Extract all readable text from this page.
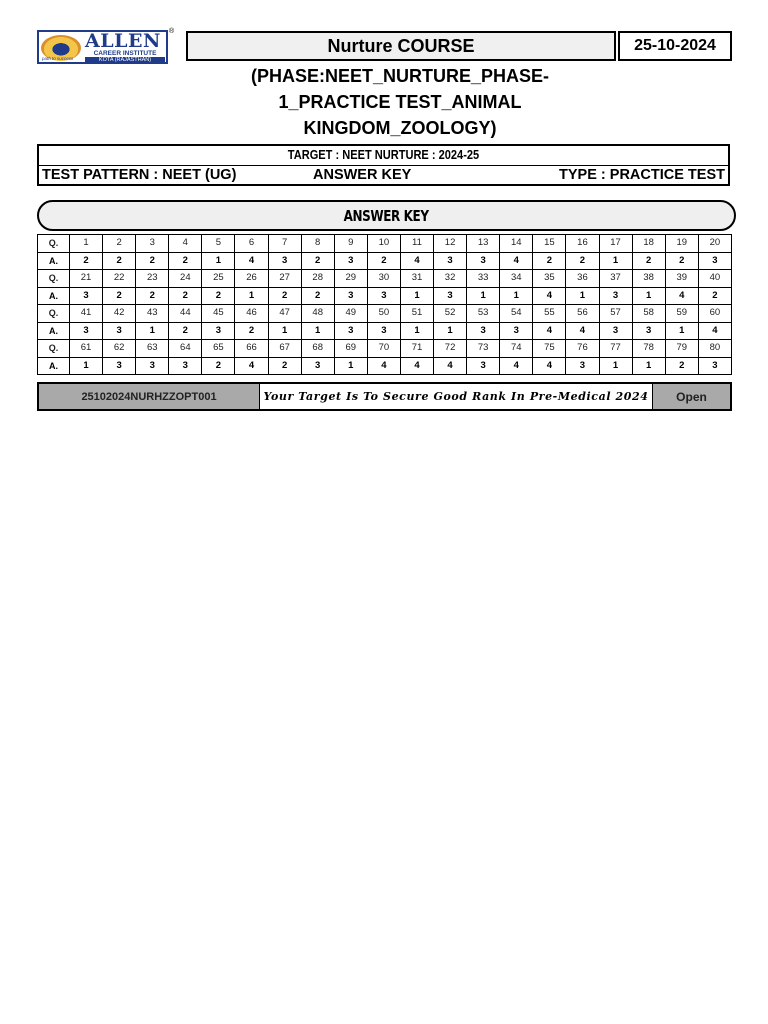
ALLEN
CAREER INSTITUTE
KOTA (RAJASTHAN)
path to success
®
Nurture COURSE	25-10-2024
(PHASE:NEET_NURTURE_PHASE-
1_PRACTICE TEST_ANIMAL
KINGDOM_ZOOLOGY)
TARGET : NEET NURTURE : 2024-25
TEST PATTERN : NEET (UG)	ANSWER KEY	TYPE : PRACTICE TEST
ANSWER KEY
Q.	1	2	3	4	5	6	7	8	9	10	11	12	13	14	15	16	17	18	19	20
A.	2	2	2	2	1	4	3	2	3	2	4	3	3	4	2	2	1	2	2	3
Q.	21	22	23	24	25	26	27	28	29	30	31	32	33	34	35	36	37	38	39	40
A.	3	2	2	2	2	1	2	2	3	3	1	3	1	1	4	1	3	1	4	2
Q.	41	42	43	44	45	46	47	48	49	50	51	52	53	54	55	56	57	58	59	60
A.	3	3	1	2	3	2	1	1	3	3	1	1	3	3	4	4	3	3	1	4
Q.	61	62	63	64	65	66	67	68	69	70	71	72	73	74	75	76	77	78	79	80
A.	1	3	3	3	2	4	2	3	1	4	4	4	3	4	4	3	1	1	2	3
25102024NURHZZOPT001	Your Target Is To Secure Good Rank In Pre-Medical 2024	Open
